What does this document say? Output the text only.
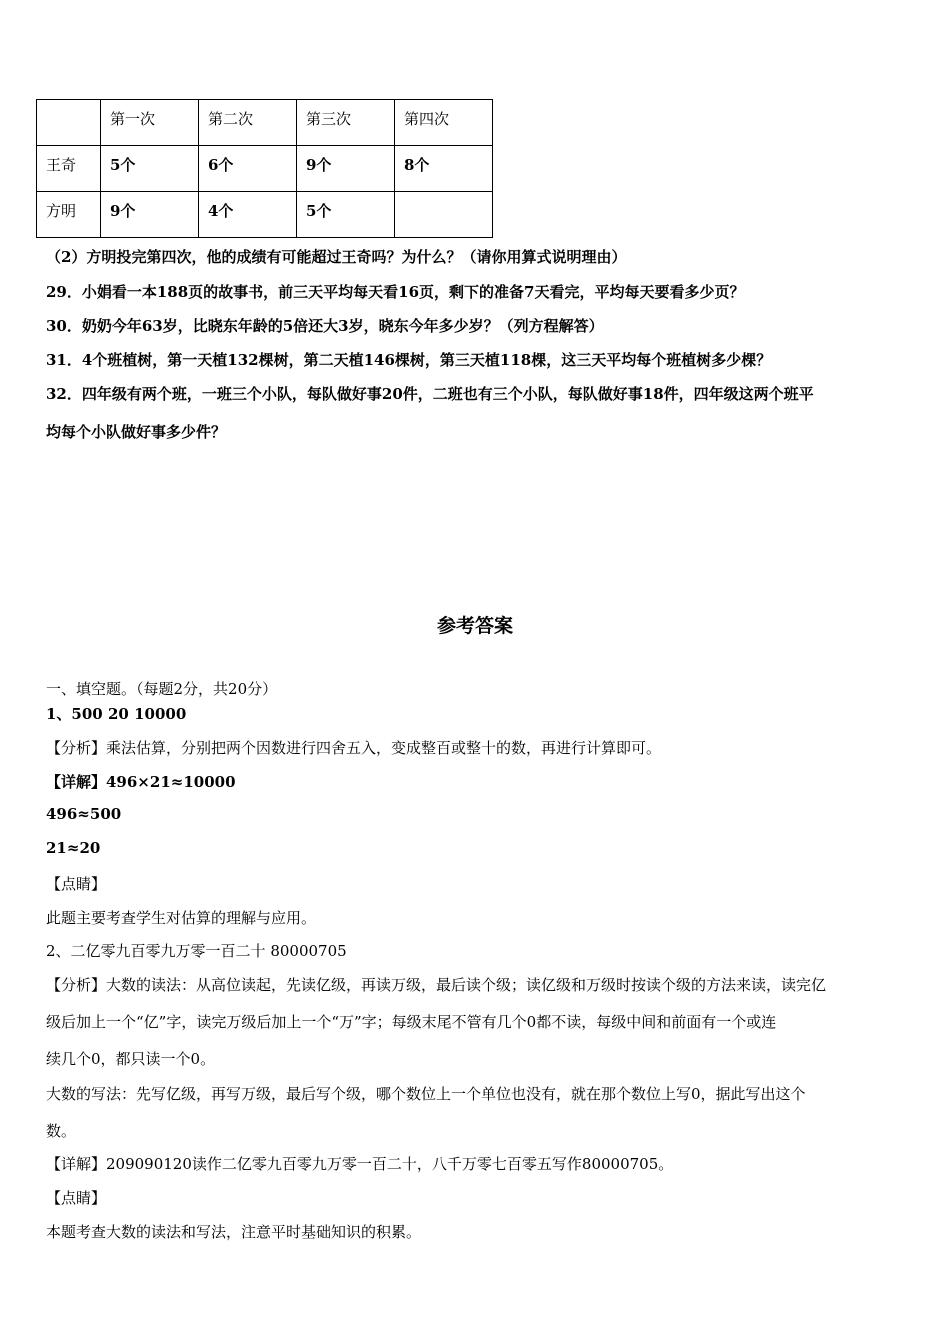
	第一次	第二次	第三次	第四次
王奇	5个	6个	9个	8个
方明	9个	4个	5个	
（2）方明投完第四次，他的成绩有可能超过王奇吗？为什么？（请你用算式说明理由）
29．小娟看一本188页的故事书，前三天平均每天看16页，剩下的准备7天看完，平均每天要看多少页？
30．奶奶今年63岁，比晓东年龄的5倍还大3岁，晓东今年多少岁？（列方程解答）
31．4个班植树，第一天植132棵树，第二天植146棵树，第三天植118棵，这三天平均每个班植树多少棵？
32．四年级有两个班，一班三个小队，每队做好事20件，二班也有三个小队，每队做好事18件，四年级这两个班平
均每个小队做好事多少件？
参考答案
一、填空题。（每题2分，共20分）
1、500 20 10000
【分析】乘法估算，分别把两个因数进行四舍五入，变成整百或整十的数，再进行计算即可。
【详解】496×21≈10000
496≈500
21≈20
【点睛】
此题主要考查学生对估算的理解与应用。
2、二亿零九百零九万零一百二十 80000705
【分析】大数的读法：从高位读起，先读亿级，再读万级，最后读个级；读亿级和万级时按读个级的方法来读，读完亿
级后加上一个“亿”字，读完万级后加上一个“万”字；每级末尾不管有几个0都不读，每级中间和前面有一个或连
续几个0，都只读一个0。
大数的写法：先写亿级，再写万级，最后写个级，哪个数位上一个单位也没有，就在那个数位上写0，据此写出这个
数。
【详解】209090120读作二亿零九百零九万零一百二十，八千万零七百零五写作80000705。
【点睛】
本题考查大数的读法和写法，注意平时基础知识的积累。
